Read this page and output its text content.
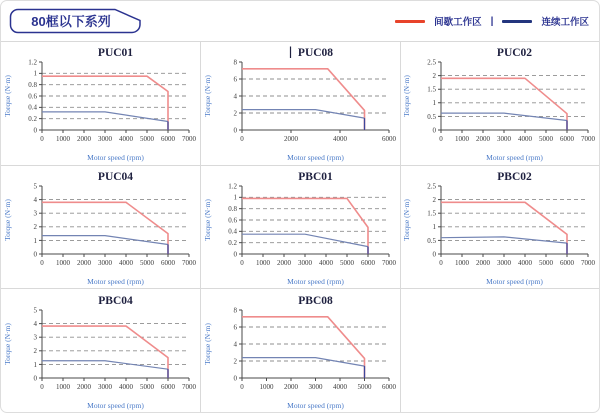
80框以下系列	间歇工作区 |	连续工作区
PUC01
0
0.2
0.4
0.6
0.8
1
1.2
0 1000 2000 3000 4000 5000 6000 7000
Torque (N·m)
Motor speed (rpm)
PUC08
0
2
4
6
8
0	2000	4000	6000
Torque (N·m)
Motor speed (rpm)
PUC02
0
0.5
1
1.5
2
2.5
0 1000 2000 3000 4000 5000 6000 7000
Torque (N·m)
Motor speed (rpm)
PUC04
0
1
2
3
4
5
0 1000 2000 3000 4000 5000 6000 7000
Torque (N·m)
Motor speed (rpm)
PBC01
0
0.2
0.4
0.6
0.8
1
1.2
0 1000 2000 3000 4000 5000 6000 7000
Torque (N·m)
Motor speed (rpm)
PBC02
0
0.5
1
1.5
2
2.5
0 1000 2000 3000 4000 5000 6000 7000
Torque (N·m)
Motor speed (rpm)
PBC04
0
1
2
3
4
5
0 1000 2000 3000 4000 5000 6000 7000
Torque (N·m)
Motor speed (rpm)
PBC08
0
2
4
6
8
0 1000 2000 3000 4000 5000 6000
Torque (N·m)
Motor speed (rpm)
